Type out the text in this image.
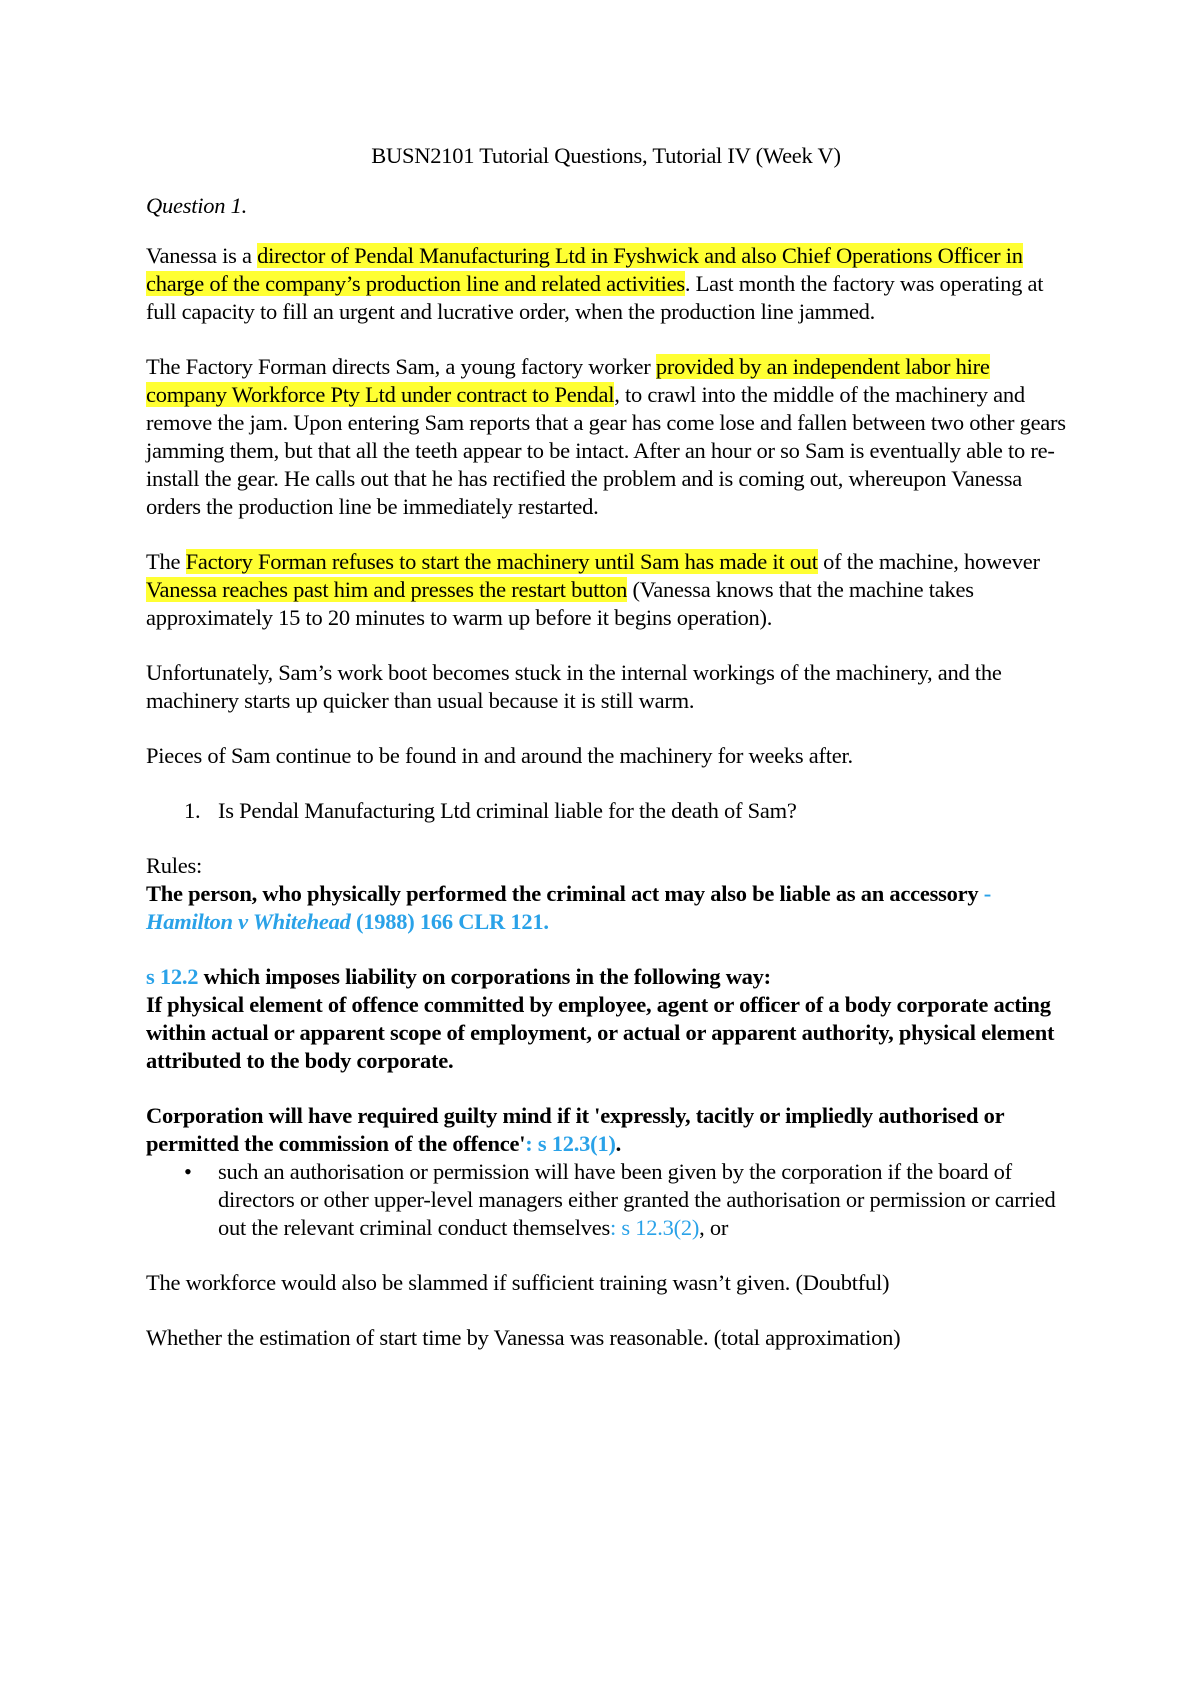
BUSN2101 Tutorial Questions, Tutorial IV (Week V)
Question 1.

Vanessa is a director of Pendal Manufacturing Ltd in Fyshwick and also Chief Operations Officer in charge of the company’s production line and related activities. Last month the factory was operating at full capacity to fill an urgent and lucrative order, when the production line jammed.

The Factory Forman directs Sam, a young factory worker provided by an independent labor hire company Workforce Pty Ltd under contract to Pendal, to crawl into the middle of the machinery and remove the jam. Upon entering Sam reports that a gear has come lose and fallen between two other gears jamming them, but that all the teeth appear to be intact. After an hour or so Sam is eventually able to re-install the gear. He calls out that he has rectified the problem and is coming out, whereupon Vanessa orders the production line be immediately restarted.

The Factory Forman refuses to start the machinery until Sam has made it out of the machine, however Vanessa reaches past him and presses the restart button (Vanessa knows that the machine takes approximately 15 to 20 minutes to warm up before it begins operation).

Unfortunately, Sam’s work boot becomes stuck in the internal workings of the machinery, and the machinery starts up quicker than usual because it is still warm.

Pieces of Sam continue to be found in and around the machinery for weeks after.

1. Is Pendal Manufacturing Ltd criminal liable for the death of Sam?

Rules:

The person, who physically performed the criminal act may also be liable as an accessory - Hamilton v Whitehead (1988) 166 CLR 121.

s 12.2 which imposes liability on corporations in the following way:
If physical element of offence committed by employee, agent or officer of a body corporate acting within actual or apparent scope of employment, or actual or apparent authority, physical element attributed to the body corporate.

Corporation will have required guilty mind if it 'expressly, tacitly or impliedly authorised or permitted the commission of the offence': s 12.3(1).

•	such an authorisation or permission will have been given by the corporation if the board of directors or other upper-level managers either granted the authorisation or permission or carried out the relevant criminal conduct themselves: s 12.3(2), or

The workforce would also be slammed if sufficient training wasn’t given. (Doubtful)

Whether the estimation of start time by Vanessa was reasonable. (total approximation)
